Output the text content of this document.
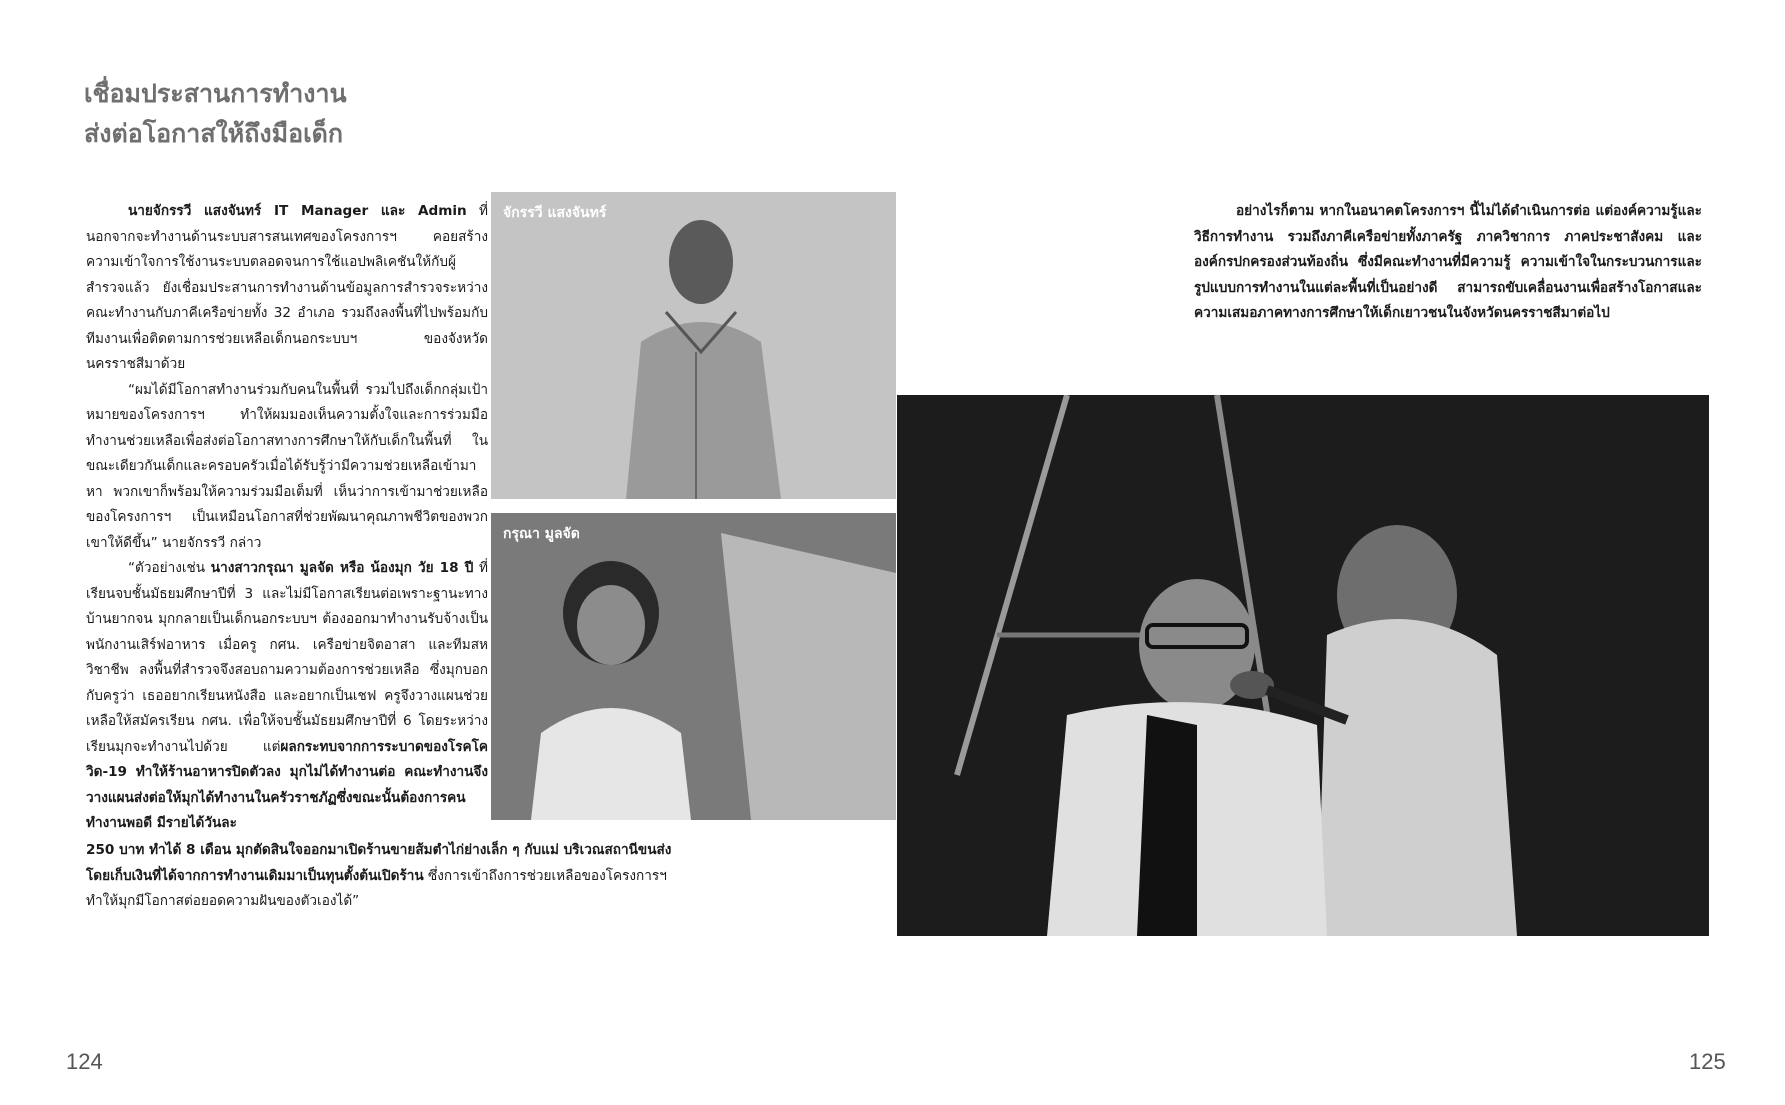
เชื่อมประสานการทำงาน
ส่งต่อโอกาสให้ถึงมือเด็ก

นายจักรรวี แสงจันทร์ IT Manager และ Admin ที่นอกจากจะทำงานด้านระบบสารสนเทศของโครงการฯ คอยสร้างความเข้าใจการใช้งานระบบตลอดจนการใช้แอปพลิเคชันให้กับผู้สำรวจแล้ว ยังเชื่อมประสานการทำงานด้านข้อมูลการสำรวจระหว่างคณะทำงานกับภาคีเครือข่ายทั้ง 32 อำเภอ รวมถึงลงพื้นที่ไปพร้อมกับทีมงานเพื่อติดตามการช่วยเหลือเด็กนอกระบบฯ ของจังหวัดนครราชสีมาด้วย

“ผมได้มีโอกาสทำงานร่วมกับคนในพื้นที่ รวมไปถึงเด็กกลุ่มเป้าหมายของโครงการฯ ทำให้ผมมองเห็นความตั้งใจและการร่วมมือทำงานช่วยเหลือเพื่อส่งต่อโอกาสทางการศึกษาให้กับเด็กในพื้นที่ ในขณะเดียวกันเด็กและครอบครัวเมื่อได้รับรู้ว่ามีความช่วยเหลือเข้ามาหา พวกเขาก็พร้อมให้ความร่วมมือเต็มที่ เห็นว่าการเข้ามาช่วยเหลือของโครงการฯ เป็นเหมือนโอกาสที่ช่วยพัฒนาคุณภาพชีวิตของพวกเขาให้ดีขึ้น” นายจักรรวี กล่าว

“ตัวอย่างเช่น นางสาวกรุณา มูลจัด หรือ น้องมุก วัย 18 ปี ที่เรียนจบชั้นมัธยมศึกษาปีที่ 3 และไม่มีโอกาสเรียนต่อเพราะฐานะทางบ้านยากจน มุกกลายเป็นเด็กนอกระบบฯ ต้องออกมาทำงานรับจ้างเป็นพนักงานเสิร์ฟอาหาร เมื่อครู กศน. เครือข่ายจิตอาสา และทีมสหวิชาชีพ ลงพื้นที่สำรวจจึงสอบถามความต้องการช่วยเหลือ ซึ่งมุกบอกกับครูว่า เธออยากเรียนหนังสือ และอยากเป็นเชฟ ครูจึงวางแผนช่วยเหลือให้สมัครเรียน กศน. เพื่อให้จบชั้นมัธยมศึกษาปีที่ 6 โดยระหว่างเรียนมุกจะทำงานไปด้วย แต่ผลกระทบจากการระบาดของโรคโควิด-19 ทำให้ร้านอาหารปิดตัวลง มุกไม่ได้ทำงานต่อ คณะทำงานจึงวางแผนส่งต่อให้มุกได้ทำงานในครัวราชภัฏซึ่งขณะนั้นต้องการคนทำงานพอดี มีรายได้วันละ

250 บาท ทำได้ 8 เดือน มุกตัดสินใจออกมาเปิดร้านขายส้มตำไก่ย่างเล็ก ๆ กับแม่ บริเวณสถานีขนส่ง โดยเก็บเงินที่ได้จากการทำงานเดิมมาเป็นทุนตั้งต้นเปิดร้าน ซึ่งการเข้าถึงการช่วยเหลือของโครงการฯ ทำให้มุกมีโอกาสต่อยอดความฝันของตัวเองได้”

จักรรวี แสงจันทร์
กรุณา มูลจัด

อย่างไรก็ตาม หากในอนาคตโครงการฯ นี้ไม่ได้ดำเนินการต่อ แต่องค์ความรู้และวิธีการทำงาน รวมถึงภาคีเครือข่ายทั้งภาครัฐ ภาควิชาการ ภาคประชาสังคม และองค์กรปกครองส่วนท้องถิ่น ซึ่งมีคณะทำงานที่มีความรู้ ความเข้าใจในกระบวนการและรูปแบบการทำงานในแต่ละพื้นที่เป็นอย่างดี สามารถขับเคลื่อนงานเพื่อสร้างโอกาสและความเสมอภาคทางการศึกษาให้เด็กเยาวชนในจังหวัดนครราชสีมาต่อไป

124	125
